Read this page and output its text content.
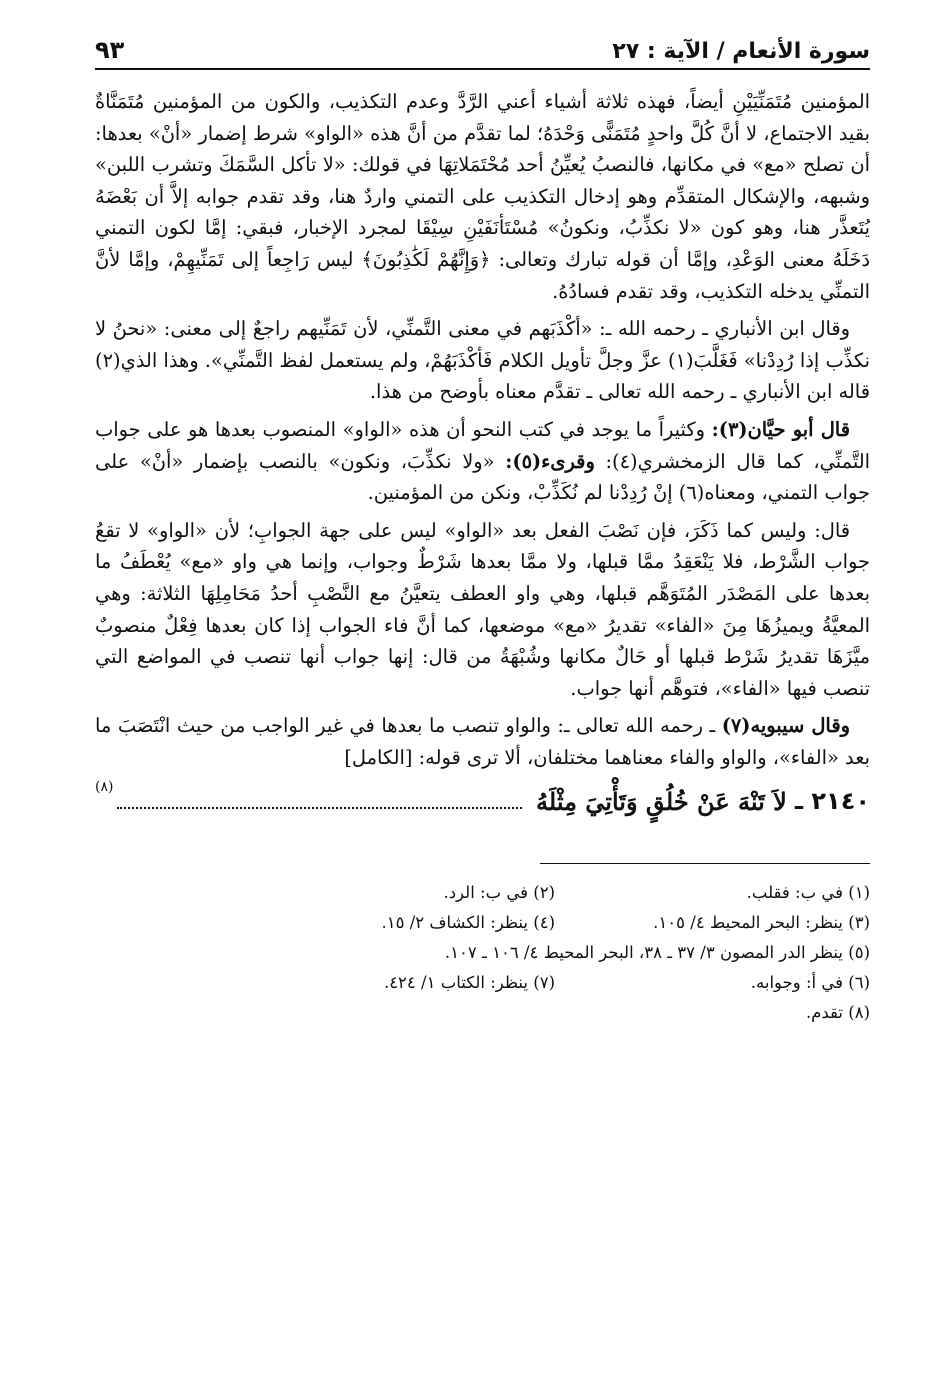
سورة الأنعام / الآية : ٢٧
٩٣

المؤمنين مُتَمَنِّيَيْنِ أيضاً، فهذه ثلاثة أشياء أعني الرَّدَّ وعدم التكذيب، والكون من المؤمنين مُتَمَنَّاةٌ بقيد الاجتماع، لا أنَّ كُلَّ واحدٍ مُتَمَنًّى وَحْدَهُ؛ لما تقدَّم من أنَّ هذه «الواو» شرط إضمار «أنْ» بعدها: أن تصلح «مع» في مكانها، فالنصبُ يُعيِّنُ أحد مُحْتَمَلاتِهَا في قولك: «لا تأكل السَّمَكَ وتشرب اللبن» وشبهه، والإشكال المتقدِّم وهو إدخال التكذيب على التمني واردٌ هنا، وقد تقدم جوابه إلاَّ أن بَعْضَهُ يُتَعذَّر هنا، وهو كون «لا نكذِّبُ، ونكونُ» مُسْتَأنَفَيْنِ سِيْقَا لمجرد الإخبار، فبقي: إمَّا لكون التمني دَخَلَهُ معنى الوَعْدِ، وإمَّا أن قوله تبارك وتعالى: ﴿وَإِنَّهُمْ لَكَٰذِبُونَ﴾ ليس رَاجِعاً إلى تَمَنِّيهِمْ، وإمَّا لأنَّ التمنِّي يدخله التكذيب، وقد تقدم فسادُهُ.

وقال ابن الأنباري ـ رحمه الله ـ: «أكْذَبَهم في معنى التَّمنِّي، لأن تَمَنِّيهم راجعٌ إلى معنى: «نحنُ لا نكذِّب إذا رُدِدْنا» فَغَلَّبَ(١) عزَّ وجلَّ تأويل الكلام فَأكْذَبَهُمْ، ولم يستعمل لفظ التَّمنِّي». وهذا الذي(٢) قاله ابن الأنباري ـ رحمه الله تعالى ـ تقدَّم معناه بأوضح من هذا.

قال أبو حيَّان(٣): وكثيراً ما يوجد في كتب النحو أن هذه «الواو» المنصوب بعدها هو على جواب التَّمنِّي، كما قال الزمخشري(٤): وقرىء(٥): «ولا نكذِّبَ، ونكون» بالنصب بإضمار «أنْ» على جواب التمني، ومعناه(٦) إنْ رُدِدْنا لم نُكَذِّبْ، ونكن من المؤمنين.

قال: وليس كما ذَكَرَ، فإن نَصْبَ الفعل بعد «الواو» ليس على جهة الجوابِ؛ لأن «الواو» لا تقعُ جواب الشَّرْط، فلا يَنْعَقِدُ ممَّا قبلها، ولا ممَّا بعدها شَرْطٌ وجواب، وإنما هي واو «مع» يُعْطَفُ ما بعدها على المَصْدَر المُتَوَهَّم قبلها، وهي واو العطف يتعيَّنُ مع النَّصْبِ أحدُ مَحَامِلِهَا الثلاثة: وهي المعيَّةُ ويميزُهَا مِنَ «الفاء» تقديرُ «مع» موضعها، كما أنَّ فاء الجواب إذا كان بعدها فِعْلٌ منصوبٌ ميَّزَهَا تقديرُ شَرْط قبلها أو حَالٌ مكانها وشُبْهَةُ من قال: إنها جواب أنها تنصب في المواضع التي تنصب فيها «الفاء»، فتوهَّم أنها جواب.

وقال سيبويه(٧) ـ رحمه الله تعالى ـ: والواو تنصب ما بعدها في غير الواجب من حيث انْتَصَبَ ما بعد «الفاء»، والواو والفاء معناهما مختلفان، ألا ترى قوله: [الكامل]

٢١٤٠ ـ
لاَ تَنْهَ عَنْ خُلُقٍ وَتَأْتِيَ مِثْلَهُ
(٨)
(١) في ب: فقلب.
(٢) في ب: الرد.
(٣) ينظر: البحر المحيط ٤/ ١٠٥.
(٤) ينظر: الكشاف ٢/ ١٥.
(٥) ينظر الدر المصون ٣/ ٣٧ ـ ٣٨، البحر المحيط ٤/ ١٠٦ ـ ١٠٧.
(٦) في أ: وجوابه.
(٧) ينظر: الكتاب ١/ ٤٢٤.
(٨) تقدم.
